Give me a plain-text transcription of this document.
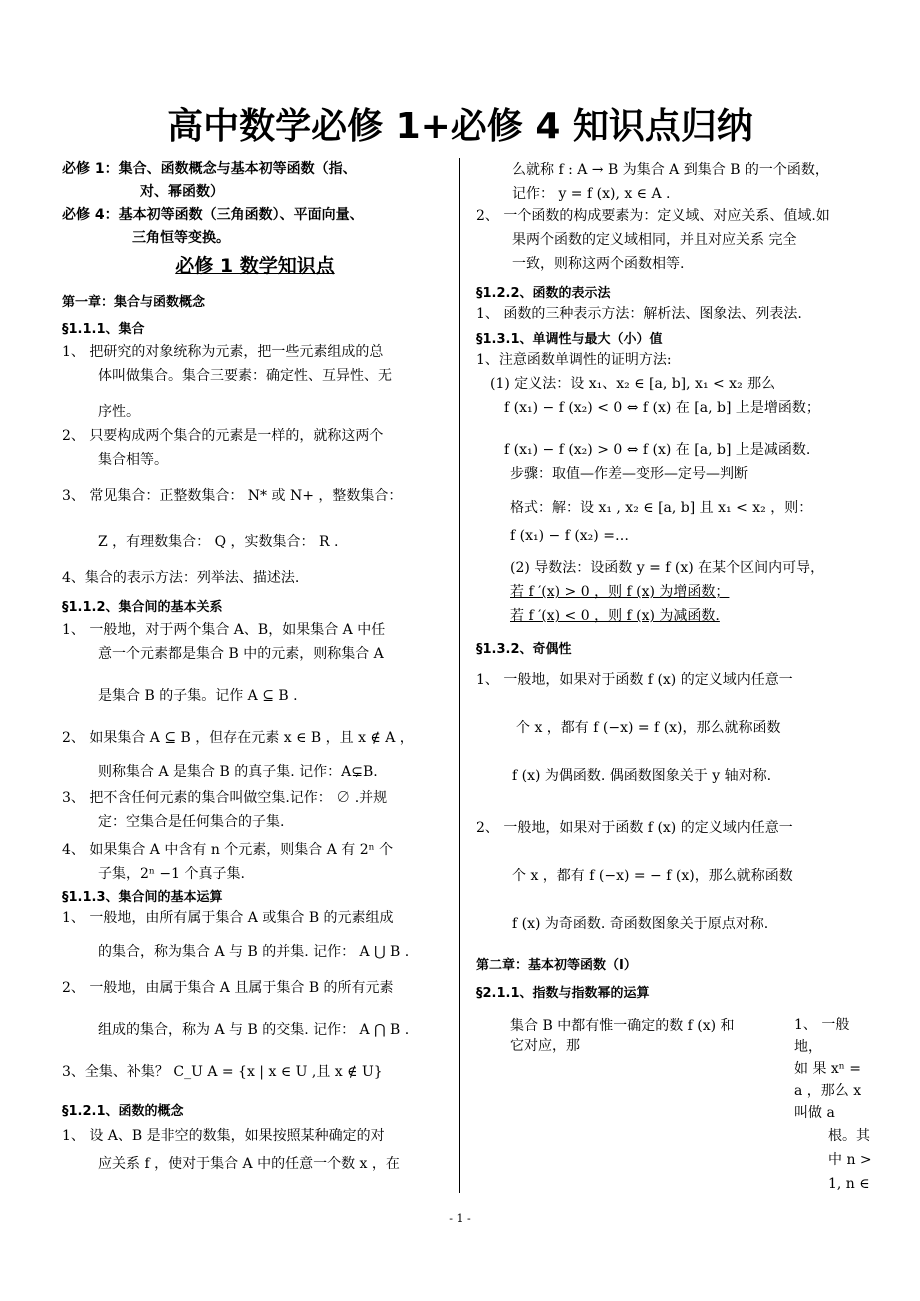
高中数学必修 1+必修 4 知识点归纳
必修 1：集合、函数概念与基本初等函数（指、
对、幂函数）
必修 4：基本初等函数（三角函数）、平面向量、
三角恒等变换。
必修 1 数学知识点
第一章：集合与函数概念
§1.1.1、集合
1、 把研究的对象统称为元素，把一些元素组成的总
体叫做集合。集合三要素：确定性、互异性、无
序性。
2、 只要构成两个集合的元素是一样的，就称这两个
集合相等。
3、 常见集合：正整数集合： N* 或 N+ ，整数集合：
Z ，有理数集合： Q ，实数集合： R .
4、集合的表示方法：列举法、描述法.
§1.1.2、集合间的基本关系
1、 一般地，对于两个集合 A、B，如果集合 A 中任
意一个元素都是集合 B 中的元素，则称集合 A
是集合 B 的子集。记作 A ⊆ B .
2、 如果集合 A ⊆ B ，但存在元素 x ∈ B ，且 x ∉ A ，
则称集合 A 是集合 B 的真子集. 记作：A⊊B.
3、 把不含任何元素的集合叫做空集.记作： ∅ .并规
定：空集合是任何集合的子集.
4、 如果集合 A 中含有 n 个元素，则集合 A 有 2ⁿ 个
子集，2ⁿ −1 个真子集.
§1.1.3、集合间的基本运算
1、 一般地，由所有属于集合 A 或集合 B 的元素组成
的集合，称为集合 A 与 B 的并集. 记作： A ⋃ B .
2、 一般地，由属于集合 A 且属于集合 B 的所有元素
组成的集合，称为 A 与 B 的交集. 记作： A ⋂ B .
3、全集、补集？ C_U A = {x | x ∈ U ,且 x ∉ U}
§1.2.1、函数的概念
1、 设 A、B 是非空的数集，如果按照某种确定的对
应关系 f ，使对于集合 A 中的任意一个数 x ，在
么就称 f : A → B 为集合 A 到集合 B 的一个函数，
记作： y = f (x), x ∈ A .
2、 一个函数的构成要素为：定义域、对应关系、值域.如
果两个函数的定义域相同，并且对应关系 完全
一致，则称这两个函数相等.
§1.2.2、函数的表示法
1、 函数的三种表示方法：解析法、图象法、列表法.
§1.3.1、单调性与最大（小）值
1、注意函数单调性的证明方法:
(1) 定义法：设 x₁、x₂ ∈ [a, b], x₁ < x₂ 那么
f (x₁) − f (x₂) < 0 ⇔ f (x) 在 [a, b] 上是增函数；
f (x₁) − f (x₂) > 0 ⇔ f (x) 在 [a, b] 上是减函数.
步骤：取值—作差—变形—定号—判断
格式：解：设 x₁ , x₂ ∈ [a, b] 且 x₁ < x₂ ，则：
f (x₁) − f (x₂) =…
(2) 导数法：设函数 y = f (x) 在某个区间内可导，
若 f ′(x) > 0 ，则 f (x) 为增函数；
若 f ′(x) < 0 ，则 f (x) 为减函数.
§1.3.2、奇偶性
1、 一般地，如果对于函数 f (x) 的定义域内任意一
个 x ，都有 f (−x) = f (x)，那么就称函数
f (x) 为偶函数. 偶函数图象关于 y 轴对称.
2、 一般地，如果对于函数 f (x) 的定义域内任意一
个 x ，都有 f (−x) = − f (x)，那么就称函数
f (x) 为奇函数. 奇函数图象关于原点对称.
第二章：基本初等函数（Ⅰ）
§2.1.1、指数与指数幂的运算
集合 B 中都有惟一确定的数 f (x) 和
它对应，那
1、 一般地，
如 果 xⁿ =
a ，那么 x
叫做 a
根。其
中 n >
1, n ∈
- 1 -
